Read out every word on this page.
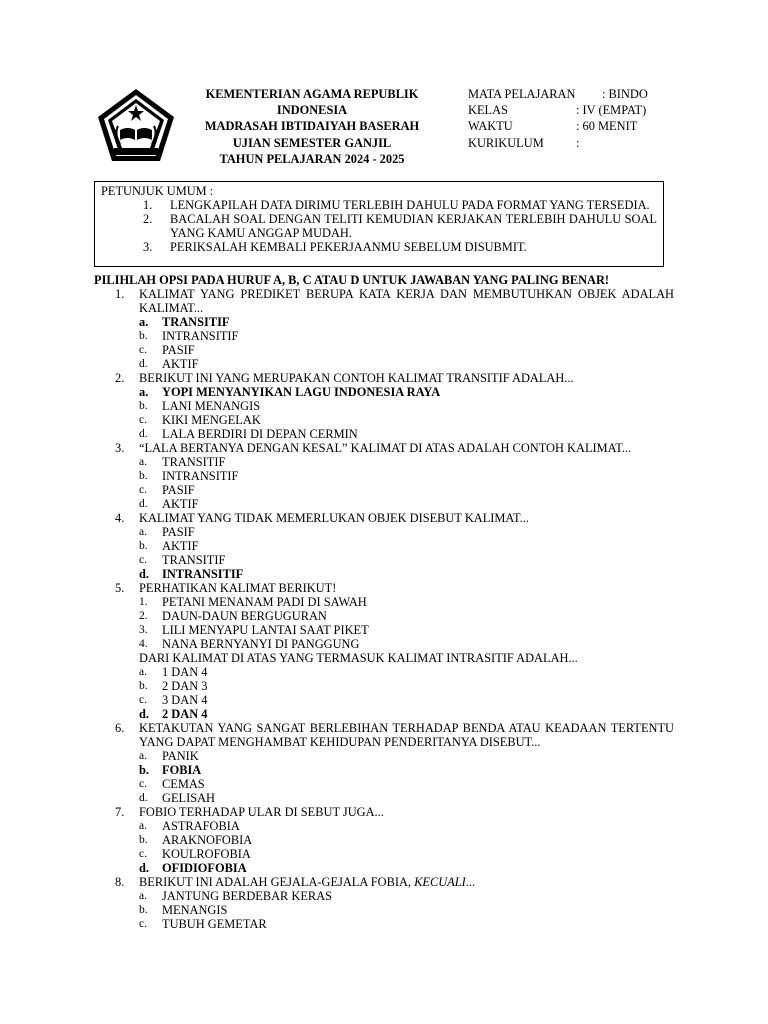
KEMENTERIAN AGAMA REPUBLIK
INDONESIA
MADRASAH IBTIDAIYAH BASERAH
UJIAN SEMESTER GANJIL
TAHUN PELAJARAN 2024 - 2025
MATA PELAJARAN : BINDO
KELAS	: IV (EMPAT)
WAKTU	: 60 MENIT
KURIKULUM	:
PETUNJUK UMUM :
1. LENGKAPILAH DATA DIRIMU TERLEBIH DAHULU PADA FORMAT YANG TERSEDIA.
2. BACALAH SOAL DENGAN TELITI KEMUDIAN KERJAKAN TERLEBIH DAHULU SOAL YANG KAMU ANGGAP MUDAH.
3. PERIKSALAH KEMBALI PEKERJAANMU SEBELUM DISUBMIT.
PILIHLAH OPSI PADA HURUF A, B, C ATAU D UNTUK JAWABAN YANG PALING BENAR!
1. KALIMAT YANG PREDIKET BERUPA KATA KERJA DAN MEMBUTUHKAN OBJEK ADALAH KALIMAT...
a. TRANSITIF
b. INTRANSITIF
c. PASIF
d. AKTIF
2. BERIKUT INI YANG MERUPAKAN CONTOH KALIMAT TRANSITIF ADALAH...
a. YOPI MENYANYIKAN LAGU INDONESIA RAYA
b. LANI MENANGIS
c. KIKI MENGELAK
d. LALA BERDIRI DI DEPAN CERMIN
3. “LALA BERTANYA DENGAN KESAL” KALIMAT DI ATAS ADALAH CONTOH KALIMAT...
a. TRANSITIF
b. INTRANSITIF
c. PASIF
d. AKTIF
4. KALIMAT YANG TIDAK MEMERLUKAN OBJEK DISEBUT KALIMAT...
a. PASIF
b. AKTIF
c. TRANSITIF
d. INTRANSITIF
5. PERHATIKAN KALIMAT BERIKUT!
1. PETANI MENANAM PADI DI SAWAH
2. DAUN-DAUN BERGUGURAN
3. LILI MENYAPU LANTAI SAAT PIKET
4. NANA BERNYANYI DI PANGGUNG
DARI KALIMAT DI ATAS YANG TERMASUK KALIMAT INTRASITIF ADALAH...
a. 1 DAN 4
b. 2 DAN 3
c. 3 DAN 4
d. 2 DAN 4
6. KETAKUTAN YANG SANGAT BERLEBIHAN TERHADAP BENDA ATAU KEADAAN TERTENTU YANG DAPAT MENGHAMBAT KEHIDUPAN PENDERITANYA DISEBUT...
a. PANIK
b. FOBIA
c. CEMAS
d. GELISAH
7. FOBIO TERHADAP ULAR DI SEBUT JUGA...
a. ASTRAFOBIA
b. ARAKNOFOBIA
c. KOULROFOBIA
d. OFIDIOFOBIA
8. BERIKUT INI ADALAH GEJALA-GEJALA FOBIA, KECUALI...
a. JANTUNG BERDEBAR KERAS
b. MENANGIS
c. TUBUH GEMETAR
